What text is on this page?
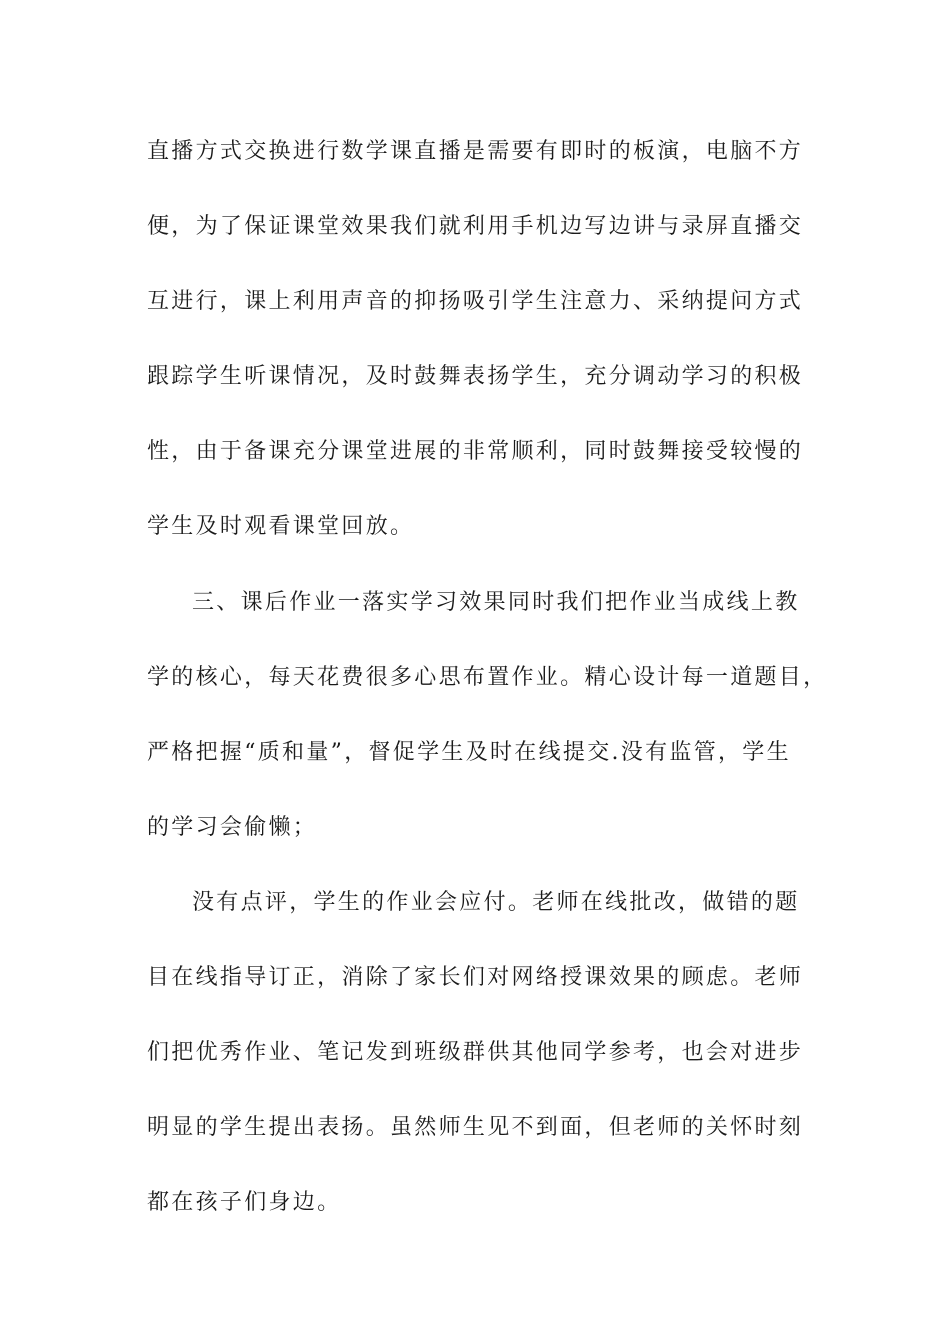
直播方式交换进行数学课直播是需要有即时的板演，电脑不方
便，为了保证课堂效果我们就利用手机边写边讲与录屏直播交
互进行，课上利用声音的抑扬吸引学生注意力、采纳提问方式
跟踪学生听课情况，及时鼓舞表扬学生，充分调动学习的积极
性，由于备课充分课堂进展的非常顺利，同时鼓舞接受较慢的
学生及时观看课堂回放。
三、课后作业一落实学习效果同时我们把作业当成线上教
学的核心，每天花费很多心思布置作业。精心设计每一道题目，
严格把握“质和量”，督促学生及时在线提交.没有监管，学生
的学习会偷懒；
没有点评，学生的作业会应付。老师在线批改，做错的题
目在线指导订正，消除了家长们对网络授课效果的顾虑。老师
们把优秀作业、笔记发到班级群供其他同学参考，也会对进步
明显的学生提出表扬。虽然师生见不到面，但老师的关怀时刻
都在孩子们身边。
